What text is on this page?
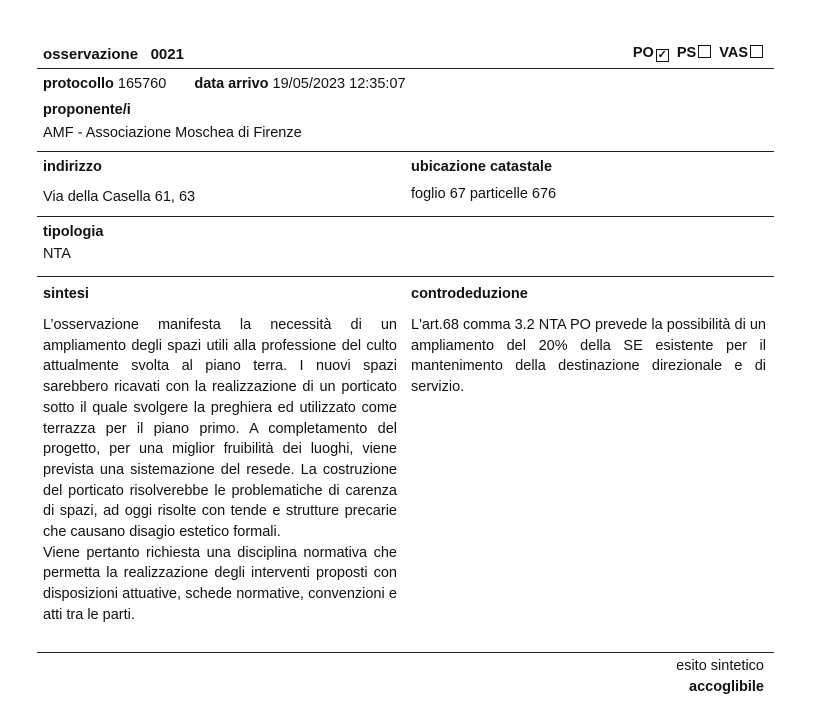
osservazione 0021	PO ✓ PS VAS
protocollo 165760 data arrivo 19/05/2023 12:35:07
proponente/i
AMF - Associazione Moschea di Firenze
indirizzo
Via della Casella 61, 63
ubicazione catastale
foglio 67 particelle 676
tipologia
NTA
sintesi	controdeduzione

L’osservazione manifesta la necessità di un ampliamento degli spazi utili alla professione del culto attualmente svolta al piano terra. I nuovi spazi sarebbero ricavati con la realizzazione di un porticato sotto il quale svolgere la preghiera ed utilizzato come terrazza per il piano primo. A completamento del progetto, per una miglior fruibilità dei luoghi, viene prevista una sistemazione del resede. La costruzione del porticato risolverebbe le problematiche di carenza di spazi, ad oggi risolte con tende e strutture precarie che causano disagio estetico formali.

Viene pertanto richiesta una disciplina normativa che permetta la realizzazione degli interventi proposti con disposizioni attuative, schede normative, convenzioni e atti tra le parti.

L'art.68 comma 3.2 NTA PO prevede la possibilità di un ampliamento del 20% della SE esistente per il mantenimento della destinazione direzionale e di servizio.

esito sintetico
accoglibile
